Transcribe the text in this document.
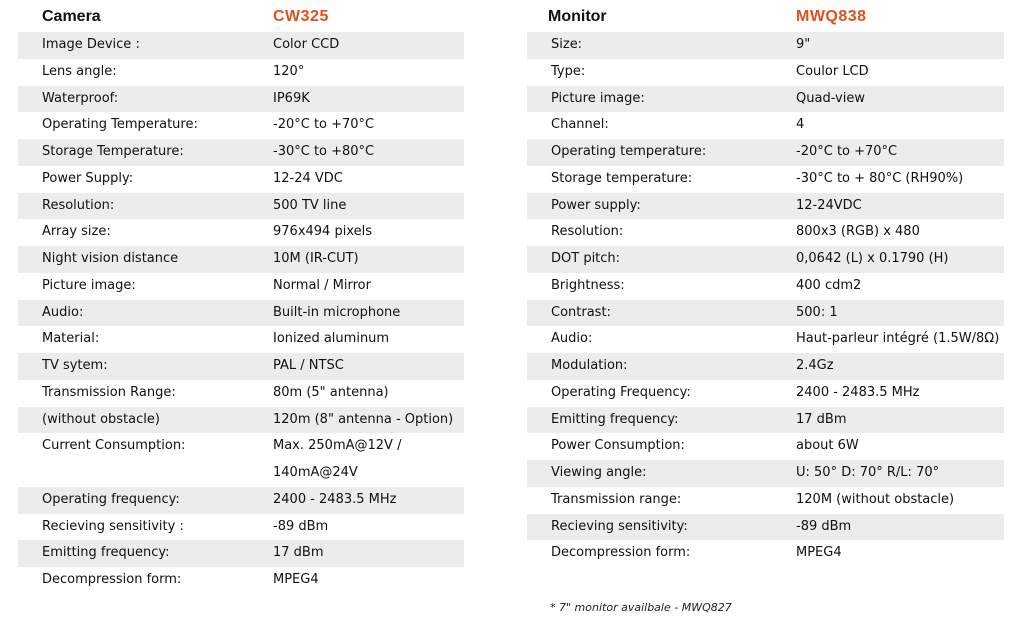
Camera	CW325
Image Device :	Color CCD
Lens angle:	120°
Waterproof:	IP69K
Operating Temperature:	-20°C to +70°C
Storage Temperature:	-30°C to +80°C
Power Supply:	12-24 VDC
Resolution:	500 TV line
Array size:	976x494 pixels
Night vision distance	10M (IR-CUT)
Picture image:	Normal / Mirror
Audio:	Built-in microphone
Material:	Ionized aluminum
TV sytem:	PAL / NTSC
Transmission Range:	80m (5" antenna)
(without obstacle)	120m (8" antenna - Option)
Current Consumption:	Max. 250mA@12V /
140mA@24V
Operating frequency:	2400 - 2483.5 MHz
Recieving sensitivity :	-89 dBm
Emitting frequency:	17 dBm
Decompression form:	MPEG4
Monitor	MWQ838
Size:	9"
Type:	Coulor LCD
Picture image:	Quad-view
Channel:	4
Operating temperature:	-20°C to +70°C
Storage temperature:	-30°C to + 80°C (RH90%)
Power supply:	12-24VDC
Resolution:	800x3 (RGB) x 480
DOT pitch:	0,0642 (L) x 0.1790 (H)
Brightness:	400 cdm2
Contrast:	500: 1
Audio:	Haut-parleur intégré (1.5W/8Ω)
Modulation:	2.4Gz
Operating Frequency:	2400 - 2483.5 MHz
Emitting frequency:	17 dBm
Power Consumption:	about 6W
Viewing angle:	U: 50° D: 70° R/L: 70°
Transmission range:	120M (without obstacle)
Recieving sensitivity:	-89 dBm
Decompression form:	MPEG4
* 7" monitor availbale - MWQ827
